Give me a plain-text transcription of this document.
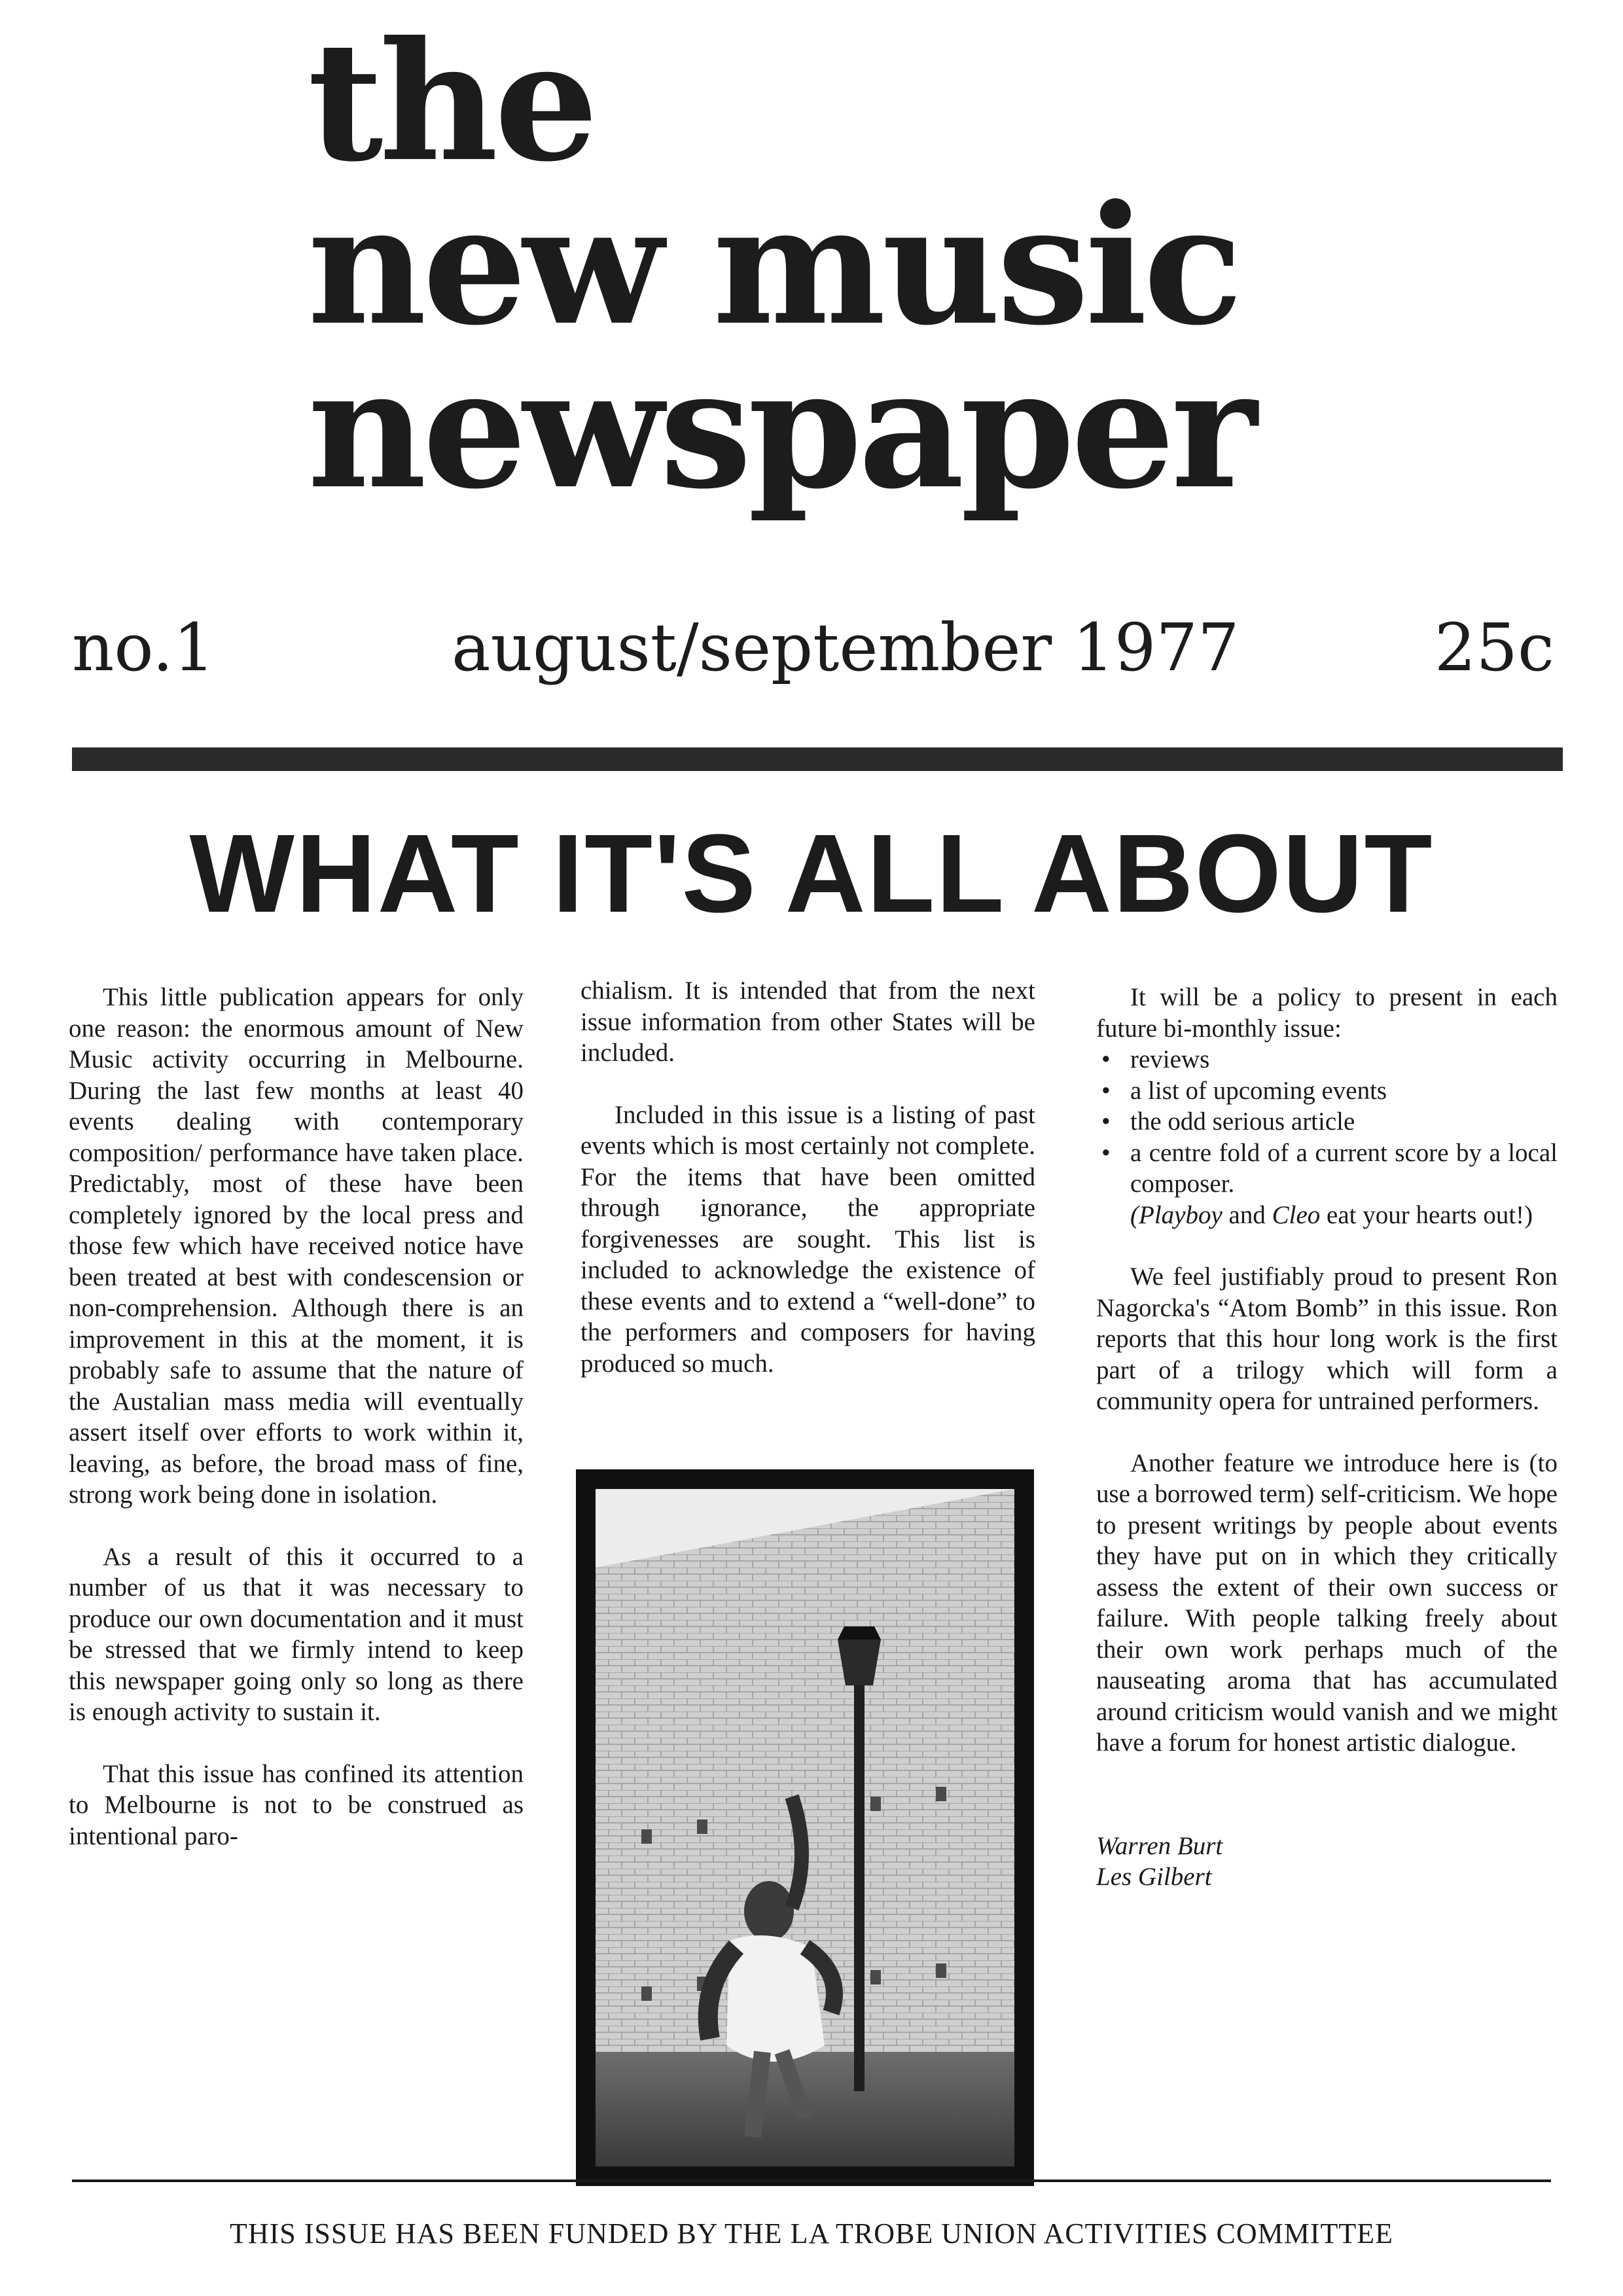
the
new music
newspaper
no.1	august/september 1977	25c
WHAT IT'S ALL ABOUT

This little publication appears for only one reason: the enormous amount of New Music activity occurring in Melbourne. During the last few months at least 40 events dealing with contemporary composition/ performance have taken place. Predictably, most of these have been completely ignored by the local press and those few which have received notice have been treated at best with condescension or non-comprehension. Although there is an improvement in this at the moment, it is probably safe to assume that the nature of the Austalian mass media will eventually assert itself over efforts to work within it, leaving, as before, the broad mass of fine, strong work being done in isolation.

As a result of this it occurred to a number of us that it was necessary to produce our own documentation and it must be stressed that we firmly intend to keep this newspaper going only so long as there is enough activity to sustain it.

That this issue has confined its attention to Melbourne is not to be construed as intentional paro-

chialism. It is intended that from the next issue information from other States will be included.

Included in this issue is a listing of past events which is most certainly not complete. For the items that have been omitted through ignorance, the appropriate forgivenesses are sought. This list is included to acknowledge the existence of these events and to extend a “well-done” to the performers and composers for having produced so much.

It will be a policy to present in each future bi-monthly issue:

• reviews
• a list of upcoming events
• the odd serious article
• a centre fold of a current score by a local composer.
(Playboy and Cleo eat your hearts out!)

We feel justifiably proud to present Ron Nagorcka's “Atom Bomb” in this issue. Ron reports that this hour long work is the first part of a trilogy which will form a community opera for untrained performers.

Another feature we introduce here is (to use a borrowed term) self-criticism. We hope to present writings by people about events they have put on in which they critically assess the extent of their own success or failure. With people talking freely about their own work perhaps much of the nauseating aroma that has accumulated around criticism would vanish and we might have a forum for honest artistic dialogue.

Warren Burt
Les Gilbert
THIS ISSUE HAS BEEN FUNDED BY THE LA TROBE UNION ACTIVITIES COMMITTEE
